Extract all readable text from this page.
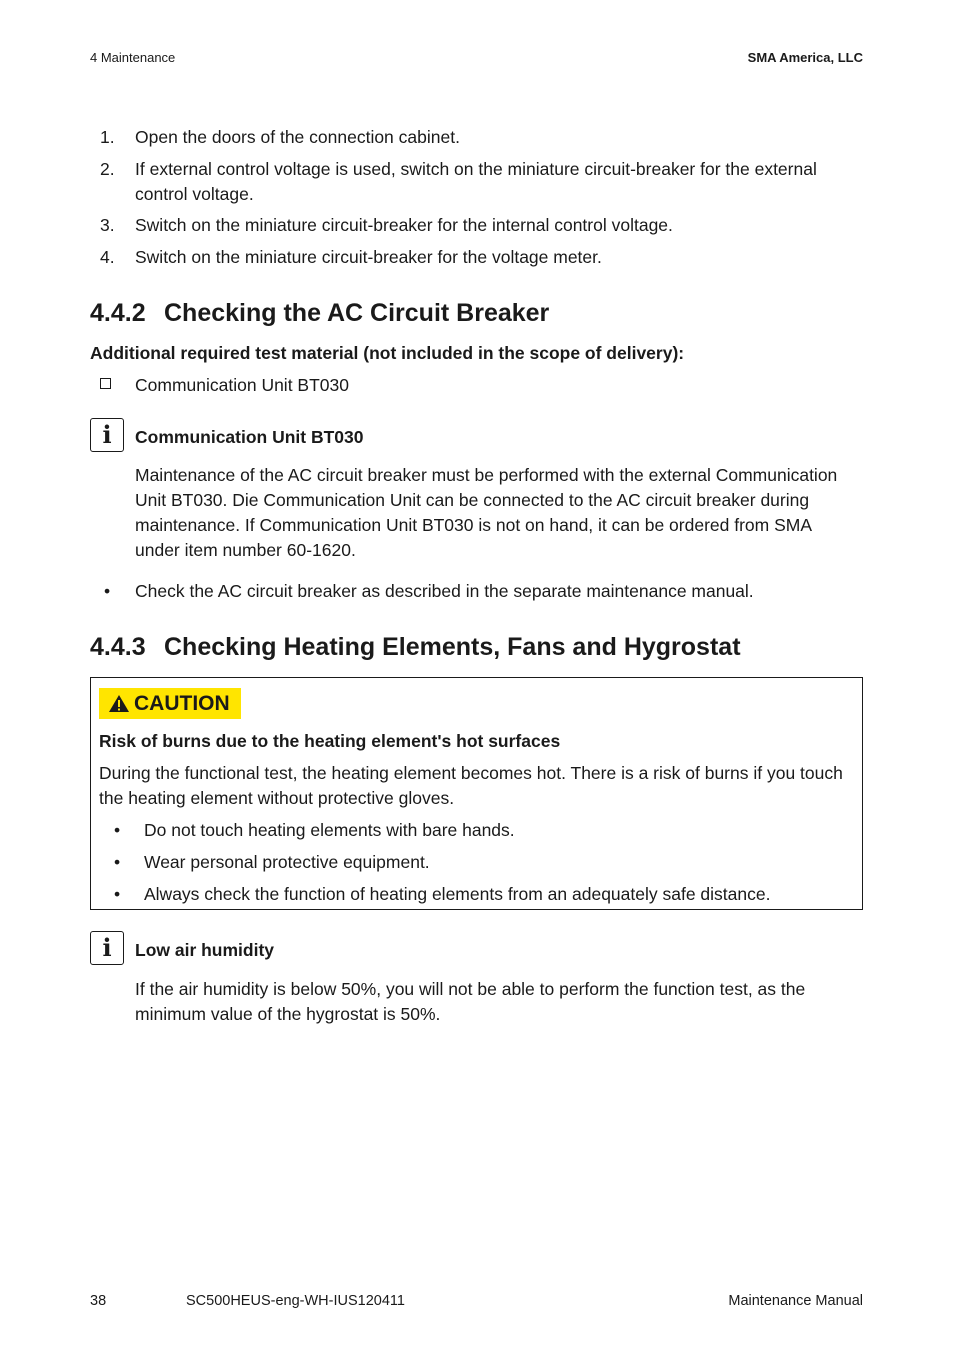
4 Maintenance	SMA America, LLC
1.	Open the doors of the connection cabinet.
2.	If external control voltage is used, switch on the miniature circuit-breaker for the external control voltage.
3.	Switch on the miniature circuit-breaker for the internal control voltage.
4.	Switch on the miniature circuit-breaker for the voltage meter.
4.4.2 Checking the AC Circuit Breaker
Additional required test material (not included in the scope of delivery):
Communication Unit BT030
i Communication Unit BT030
Maintenance of the AC circuit breaker must be performed with the external Communication Unit BT030. Die Communication Unit can be connected to the AC circuit breaker during maintenance. If Communication Unit BT030 is not on hand, it can be ordered from SMA under item number 60-1620.
• Check the AC circuit breaker as described in the separate maintenance manual.
4.4.3 Checking Heating Elements, Fans and Hygrostat
CAUTION
Risk of burns due to the heating element's hot surfaces
During the functional test, the heating element becomes hot. There is a risk of burns if you touch the heating element without protective gloves.
• Do not touch heating elements with bare hands.
• Wear personal protective equipment.
• Always check the function of heating elements from an adequately safe distance.
i Low air humidity
If the air humidity is below 50%, you will not be able to perform the function test, as the minimum value of the hygrostat is 50%.
38	SC500HEUS-eng-WH-IUS120411	Maintenance Manual
